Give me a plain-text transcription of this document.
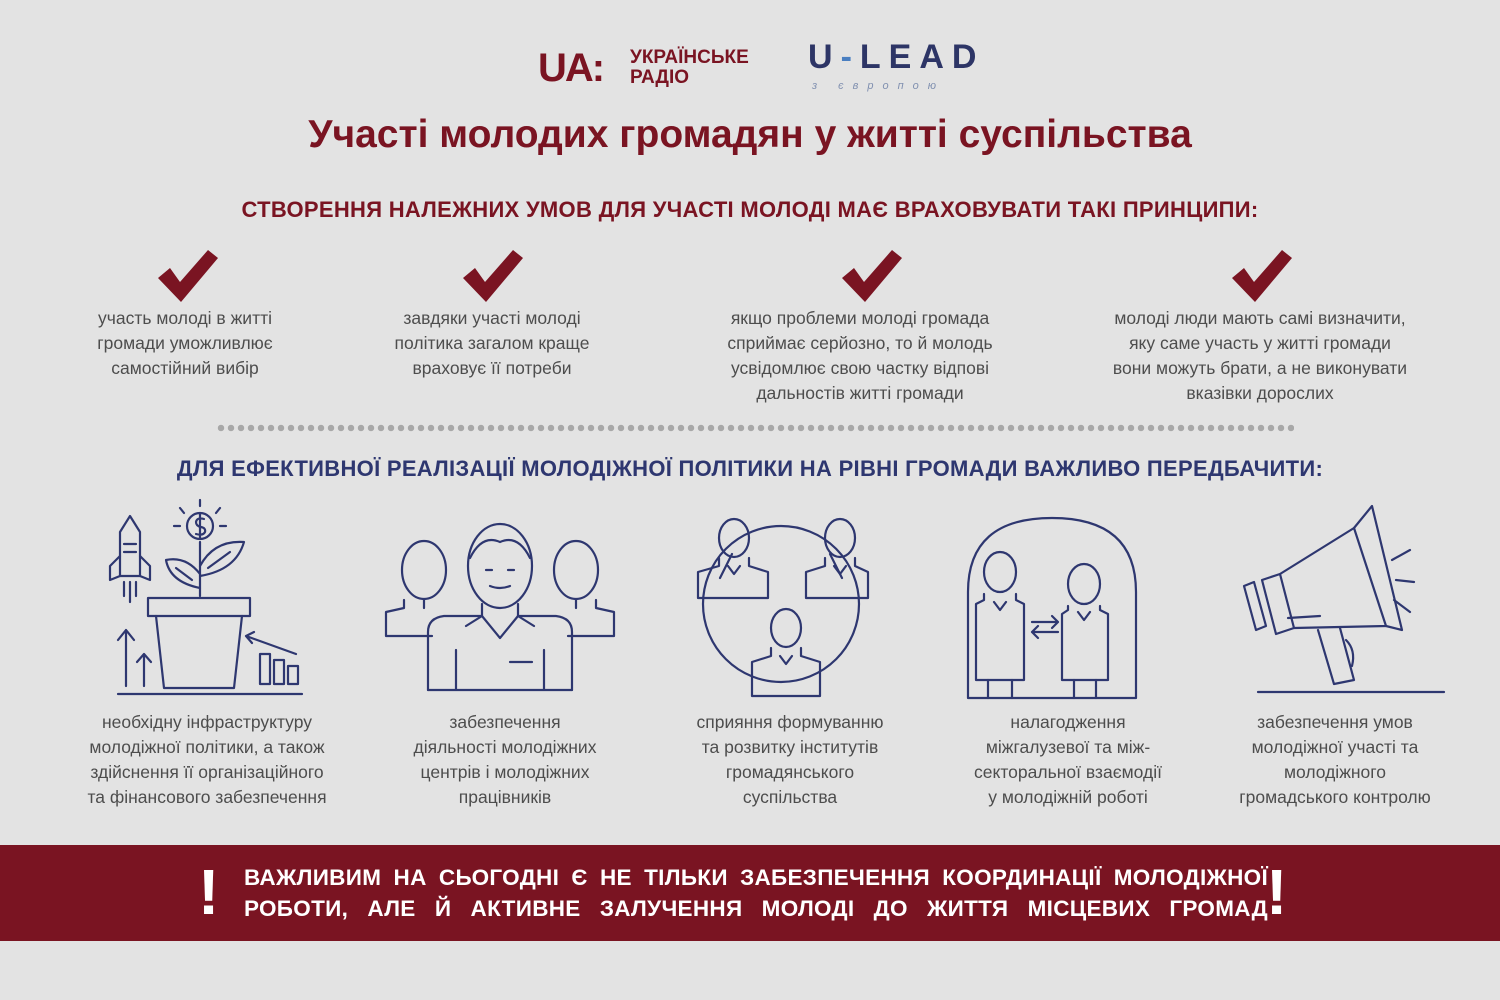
UA: УКРАЇНСЬКЕ
РАДІО
U-LEAD
з європою
Участі молодих громадян у житті суспільства
СТВОРЕННЯ НАЛЕЖНИХ УМОВ ДЛЯ УЧАСТІ МОЛОДІ МАЄ ВРАХОВУВАТИ ТАКІ ПРИНЦИПИ:
участь молоді в житті
громади уможливлює
самостійний вибір
завдяки участі молоді
політика загалом краще
враховує її потреби
якщо проблеми молоді громада
сприймає серйозно, то й молодь
усвідомлює свою частку відпові
дальностів житті громади
молоді люди мають самі визначити,
яку саме участь у житті громади
вони можуть брати, а не виконувати
вказівки дорослих
ДЛЯ ЕФЕКТИВНОЇ РЕАЛІЗАЦІЇ МОЛОДІЖНОЇ ПОЛІТИКИ НА РІВНІ ГРОМАДИ ВАЖЛИВО ПЕРЕДБАЧИТИ:
необхідну інфраструктуру
молодіжної політики, а також
здійснення її організаційного
та фінансового забезпечення
забезпечення
діяльності молодіжних
центрів і молодіжних
працівників
сприяння формуванню
та розвитку інститутів
громадянського
суспільства
налагодження
міжгалузевої та між-
секторальної взаємодії
у молодіжній роботі
забезпечення умов
молодіжної участі та
молодіжного
громадського контролю
!	!
ВАЖЛИВИМ НА СЬОГОДНІ Є НЕ ТІЛЬКИ ЗАБЕЗПЕЧЕННЯ КООРДИНАЦІЇ МОЛОДІЖНОЇ
РОБОТИ, АЛЕ Й АКТИВНЕ ЗАЛУЧЕННЯ МОЛОДІ ДО ЖИТТЯ МІСЦЕВИХ ГРОМАД
